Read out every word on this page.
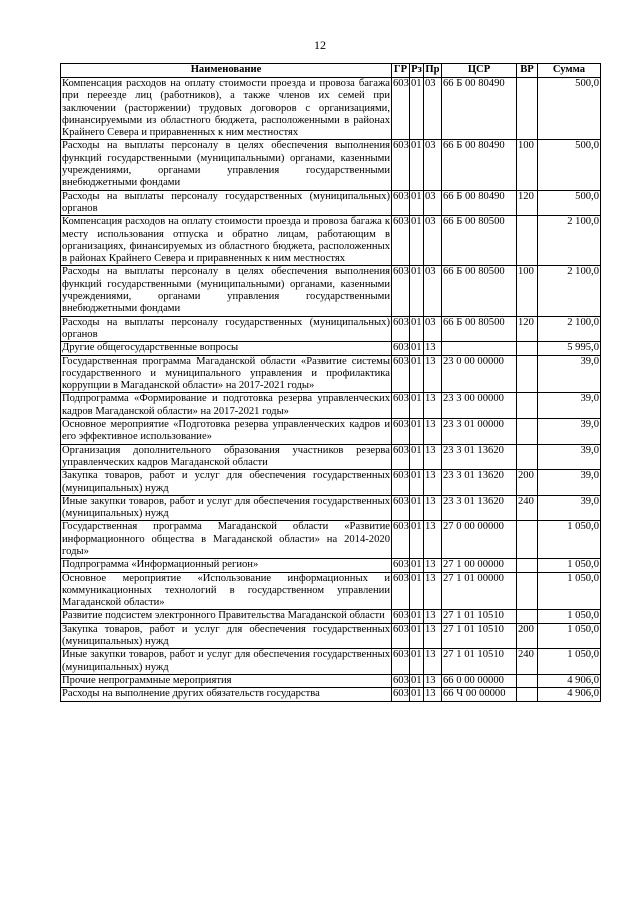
12
Наименование	ГР	Рз	Пр	ЦСР	ВР	Сумма
Компенсация расходов на оплату стоимости проезда и провоза багажа при переезде лиц (работников), а также членов их семей при заключении (расторжении) трудовых договоров с организациями, финансируемыми из областного бюджета, расположенными в районах Крайнего Севера и приравненных к ним местностях	603	01	03	66 Б 00 80490		500,0
Расходы на выплаты персоналу в целях обеспечения выполнения функций государственными (муниципальными) органами, казенными учреждениями, органами управления государственными внебюджетными фондами	603	01	03	66 Б 00 80490	100	500,0
Расходы на выплаты персоналу государственных (муниципальных) органов	603	01	03	66 Б 00 80490	120	500,0
Компенсация расходов на оплату стоимости проезда и провоза багажа к месту использования отпуска и обратно лицам, работающим в организациях, финансируемых из областного бюджета, расположенных в районах Крайнего Севера и приравненных к ним местностях	603	01	03	66 Б 00 80500		2 100,0
Расходы на выплаты персоналу в целях обеспечения выполнения функций государственными (муниципальными) органами, казенными учреждениями, органами управления государственными внебюджетными фондами	603	01	03	66 Б 00 80500	100	2 100,0
Расходы на выплаты персоналу государственных (муниципальных) органов	603	01	03	66 Б 00 80500	120	2 100,0
Другие общегосударственные вопросы	603	01	13			5 995,0
Государственная программа Магаданской области «Развитие системы государственного и муниципального управления и профилактика коррупции в Магаданской области» на 2017-2021 годы»	603	01	13	23 0 00 00000		39,0
Подпрограмма «Формирование и подготовка резерва управленческих кадров Магаданской области» на 2017-2021 годы»	603	01	13	23 3 00 00000		39,0
Основное мероприятие «Подготовка резерва управленческих кадров и его эффективное использование»	603	01	13	23 3 01 00000		39,0
Организация дополнительного образования участников резерва управленческих кадров Магаданской области	603	01	13	23 3 01 13620		39,0
Закупка товаров, работ и услуг для обеспечения государственных (муниципальных) нужд	603	01	13	23 3 01 13620	200	39,0
Иные закупки товаров, работ и услуг для обеспечения государственных (муниципальных) нужд	603	01	13	23 3 01 13620	240	39,0
Государственная программа Магаданской области «Развитие информационного общества в Магаданской области» на 2014-2020 годы»	603	01	13	27 0 00 00000		1 050,0
Подпрограмма «Информационный регион»	603	01	13	27 1 00 00000		1 050,0
Основное мероприятие «Использование информационных и коммуникационных технологий в государственном управлении Магаданской области»	603	01	13	27 1 01 00000		1 050,0
Развитие подсистем электронного Правительства Магаданской области	603	01	13	27 1 01 10510		1 050,0
Закупка товаров, работ и услуг для обеспечения государственных (муниципальных) нужд	603	01	13	27 1 01 10510	200	1 050,0
Иные закупки товаров, работ и услуг для обеспечения государственных (муниципальных) нужд	603	01	13	27 1 01 10510	240	1 050,0
Прочие непрограммные мероприятия	603	01	13	66 0 00 00000		4 906,0
Расходы на выполнение других обязательств государства	603	01	13	66 Ч 00 00000		4 906,0
